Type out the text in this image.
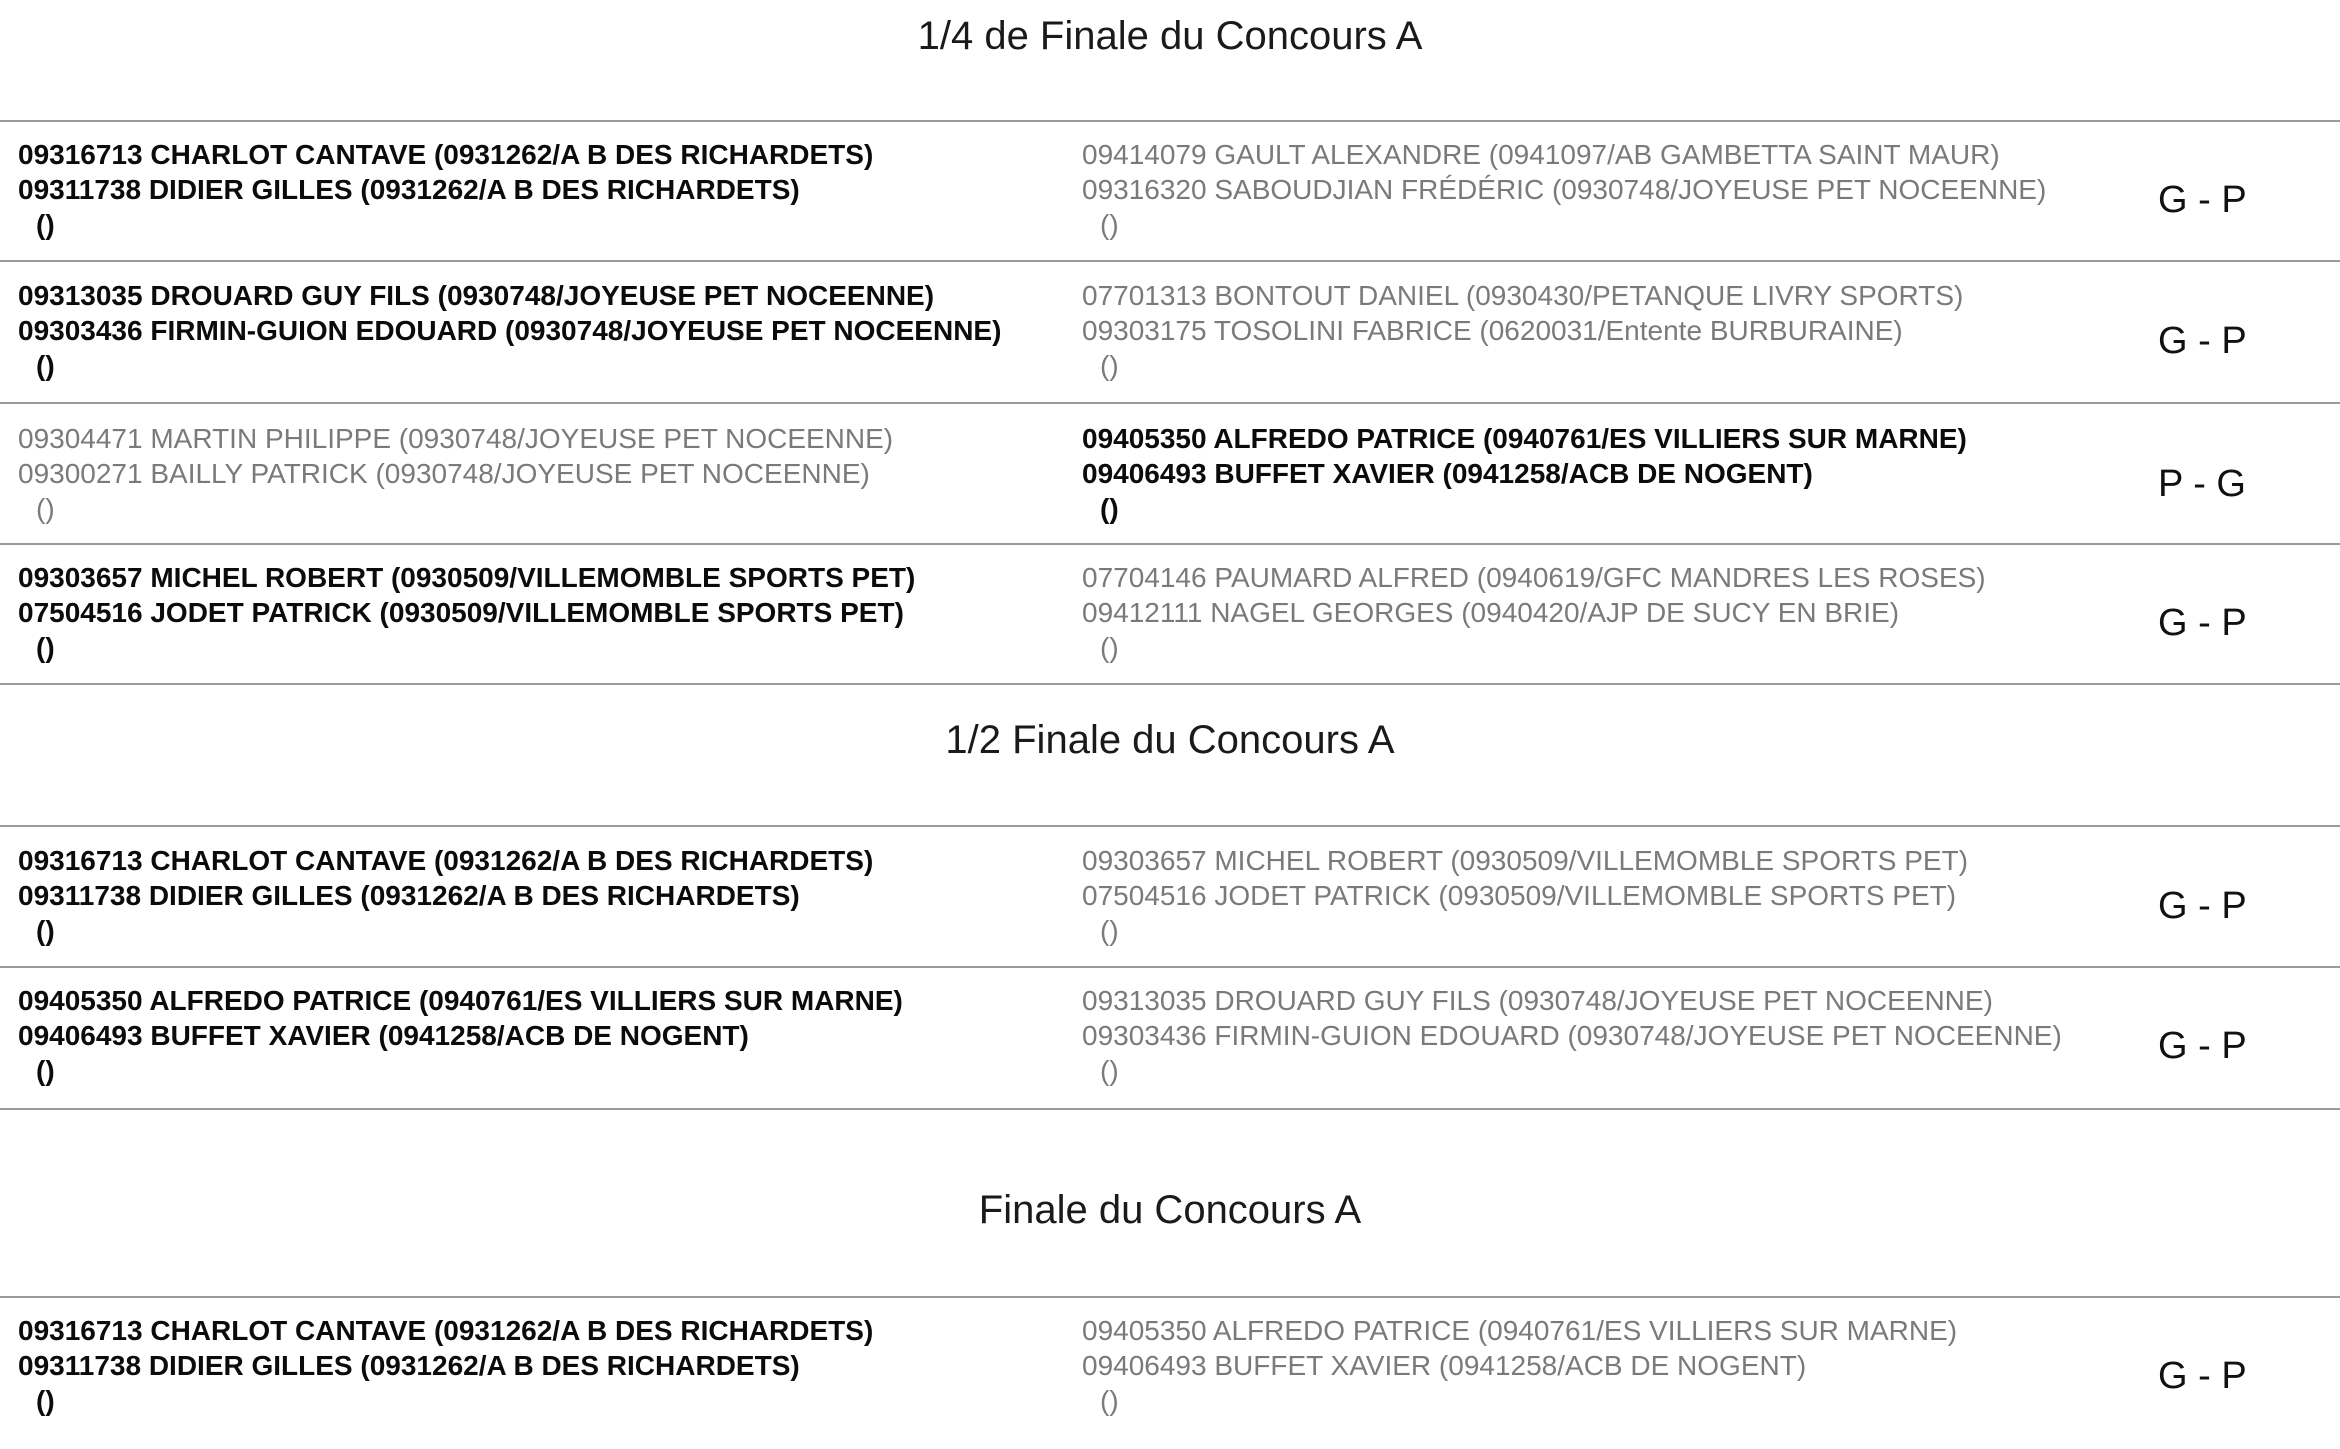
1/4 de Finale du Concours A
09316713 CHARLOT CANTAVE (0931262/A B DES RICHARDETS)
09311738 DIDIER GILLES (0931262/A B DES RICHARDETS)
()
09414079 GAULT ALEXANDRE (0941097/AB GAMBETTA SAINT MAUR)
09316320 SABOUDJIAN FRÉDÉRIC (0930748/JOYEUSE PET NOCEENNE)
()
G - P
09313035 DROUARD GUY FILS (0930748/JOYEUSE PET NOCEENNE)
09303436 FIRMIN-GUION EDOUARD (0930748/JOYEUSE PET NOCEENNE)
()
07701313 BONTOUT DANIEL (0930430/PETANQUE LIVRY SPORTS)
09303175 TOSOLINI FABRICE (0620031/Entente BURBURAINE)
()
G - P
09304471 MARTIN PHILIPPE (0930748/JOYEUSE PET NOCEENNE)
09300271 BAILLY PATRICK (0930748/JOYEUSE PET NOCEENNE)
()
09405350 ALFREDO PATRICE (0940761/ES VILLIERS SUR MARNE)
09406493 BUFFET XAVIER (0941258/ACB DE NOGENT)
()
P - G
09303657 MICHEL ROBERT (0930509/VILLEMOMBLE SPORTS PET)
07504516 JODET PATRICK (0930509/VILLEMOMBLE SPORTS PET)
()
07704146 PAUMARD ALFRED (0940619/GFC MANDRES LES ROSES)
09412111 NAGEL GEORGES (0940420/AJP DE SUCY EN BRIE)
()
G - P
1/2 Finale du Concours A
09316713 CHARLOT CANTAVE (0931262/A B DES RICHARDETS)
09311738 DIDIER GILLES (0931262/A B DES RICHARDETS)
()
09303657 MICHEL ROBERT (0930509/VILLEMOMBLE SPORTS PET)
07504516 JODET PATRICK (0930509/VILLEMOMBLE SPORTS PET)
()
G - P
09405350 ALFREDO PATRICE (0940761/ES VILLIERS SUR MARNE)
09406493 BUFFET XAVIER (0941258/ACB DE NOGENT)
()
09313035 DROUARD GUY FILS (0930748/JOYEUSE PET NOCEENNE)
09303436 FIRMIN-GUION EDOUARD (0930748/JOYEUSE PET NOCEENNE)
()
G - P
Finale du Concours A
09316713 CHARLOT CANTAVE (0931262/A B DES RICHARDETS)
09311738 DIDIER GILLES (0931262/A B DES RICHARDETS)
()
09405350 ALFREDO PATRICE (0940761/ES VILLIERS SUR MARNE)
09406493 BUFFET XAVIER (0941258/ACB DE NOGENT)
()
G - P
